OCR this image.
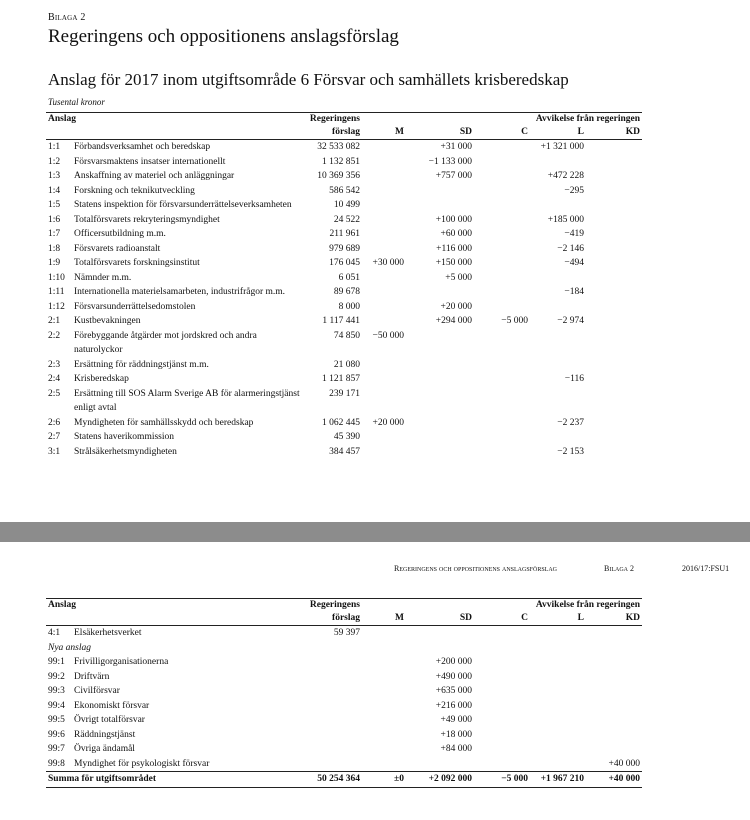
Bilaga 2
Regeringens och oppositionens anslagsförslag
Anslag för 2017 inom utgiftsområde 6 Försvar och samhällets krisberedskap
Tusental kronor
Anslag		Regeringens			Avvikelse från regeringen		
		förslag	M	SD	C	L	KD
1:1	Förbandsverksamhet och beredskap	32 533 082		+31 000		+1 321 000	
1:2	Försvarsmaktens insatser internationellt	1 132 851		−1 133 000			
1:3	Anskaffning av materiel och anläggningar	10 369 356		+757 000		+472 228	
1:4	Forskning och teknikutveckling	586 542				−295	
1:5	Statens inspektion för försvarsunderrättelseverksamheten	10 499					
1:6	Totalförsvarets rekryteringsmyndighet	24 522		+100 000		+185 000	
1:7	Officersutbildning m.m.	211 961		+60 000		−419	
1:8	Försvarets radioanstalt	979 689		+116 000		−2 146	
1:9	Totalförsvarets forskningsinstitut	176 045	+30 000	+150 000		−494	
1:10	Nämnder m.m.	6 051		+5 000			
1:11	Internationella materielsamarbeten, industrifrågor m.m.	89 678				−184	
1:12	Försvarsunderrättelsedomstolen	8 000		+20 000			
2:1	Kustbevakningen	1 117 441		+294 000	−5 000	−2 974	
2:2	Förebyggande åtgärder mot jordskred och andra naturolyckor	74 850	−50 000				
2:3	Ersättning för räddningstjänst m.m.	21 080					
2:4	Krisberedskap	1 121 857				−116	
2:5	Ersättning till SOS Alarm Sverige AB för alarmeringstjänst enligt avtal	239 171					
2:6	Myndigheten för samhällsskydd och beredskap	1 062 445	+20 000			−2 237	
2:7	Statens haverikommission	45 390					
3:1	Strålsäkerhetsmyndigheten	384 457				−2 153	
Regeringens och oppositionens anslagsförslag	Bilaga 2	2016/17:FSU1
Anslag		Regeringens			Avvikelse från regeringen		
		förslag	M	SD	C	L	KD
4:1	Elsäkerhetsverket	59 397					
Nya anslag							
99:1	Frivilligorganisationerna			+200 000			
99:2	Driftvärn			+490 000			
99:3	Civilförsvar			+635 000			
99:4	Ekonomiskt försvar			+216 000			
99:5	Övrigt totalförsvar			+49 000			
99:6	Räddningstjänst			+18 000			
99:7	Övriga ändamål			+84 000			
99:8	Myndighet för psykologiskt försvar						+40 000
Summa för utgiftsområdet		50 254 364	±0	+2 092 000	−5 000	+1 967 210	+40 000
